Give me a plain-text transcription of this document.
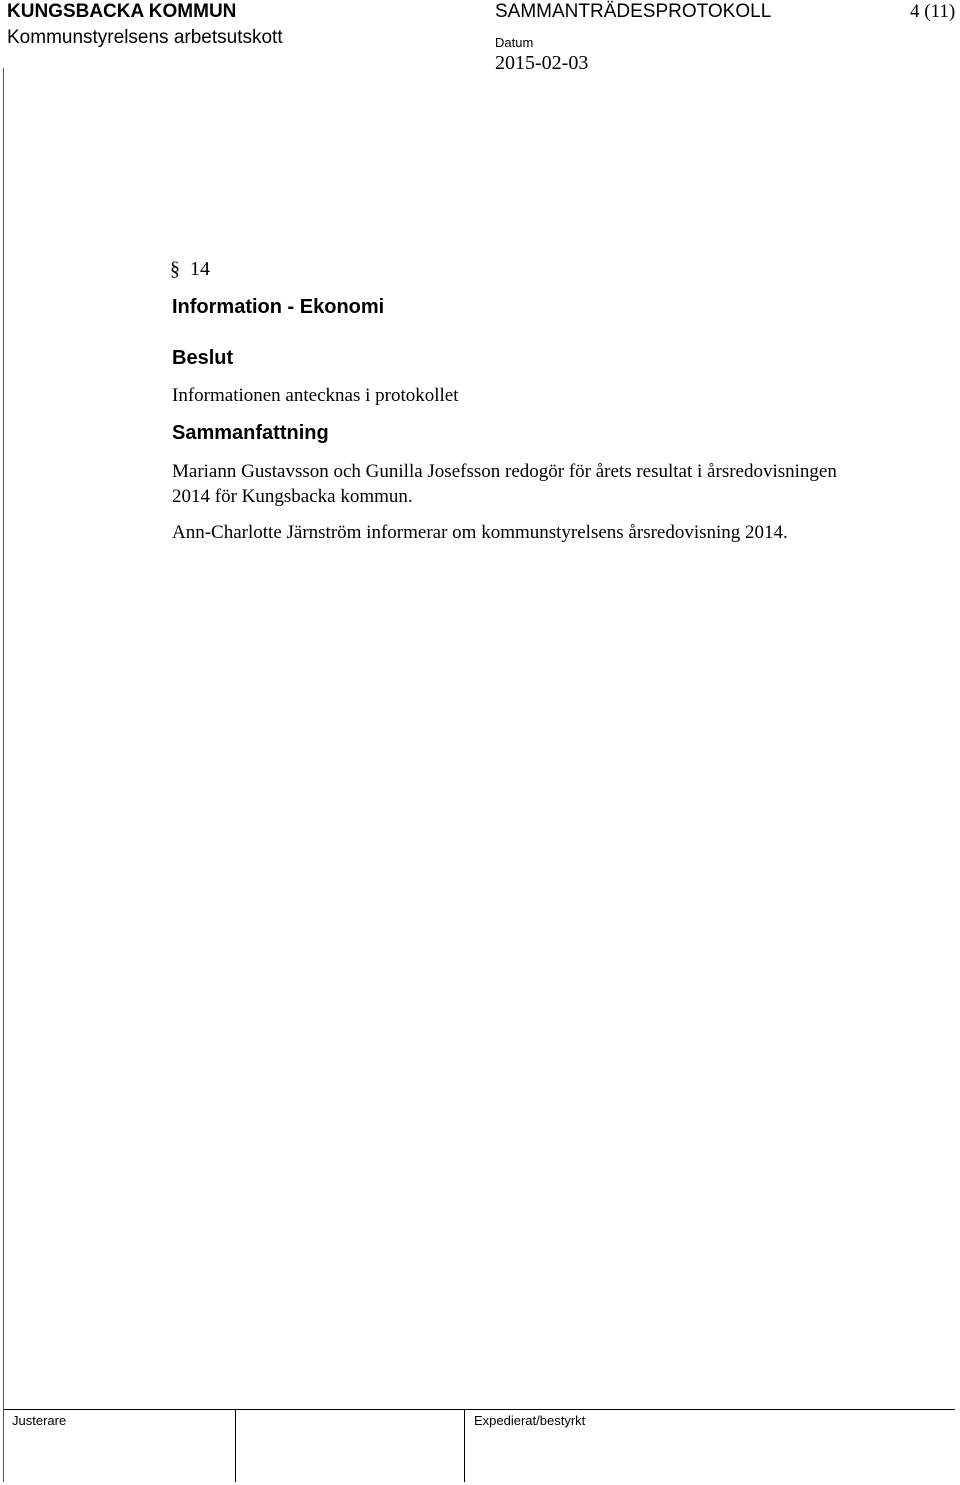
KUNGSBACKA KOMMUN
Kommunstyrelsens arbetsutskott
SAMMANTRÄDESPROTOKOLL	4 (11)
Datum
2015-02-03
§ 14
Information - Ekonomi
Beslut
Informationen antecknas i protokollet
Sammanfattning
Mariann Gustavsson och Gunilla Josefsson redogör för årets resultat i årsredovisningen 2014 för Kungsbacka kommun.
Ann-Charlotte Järnström informerar om kommunstyrelsens årsredovisning 2014.
Justerare	Expedierat/bestyrkt
